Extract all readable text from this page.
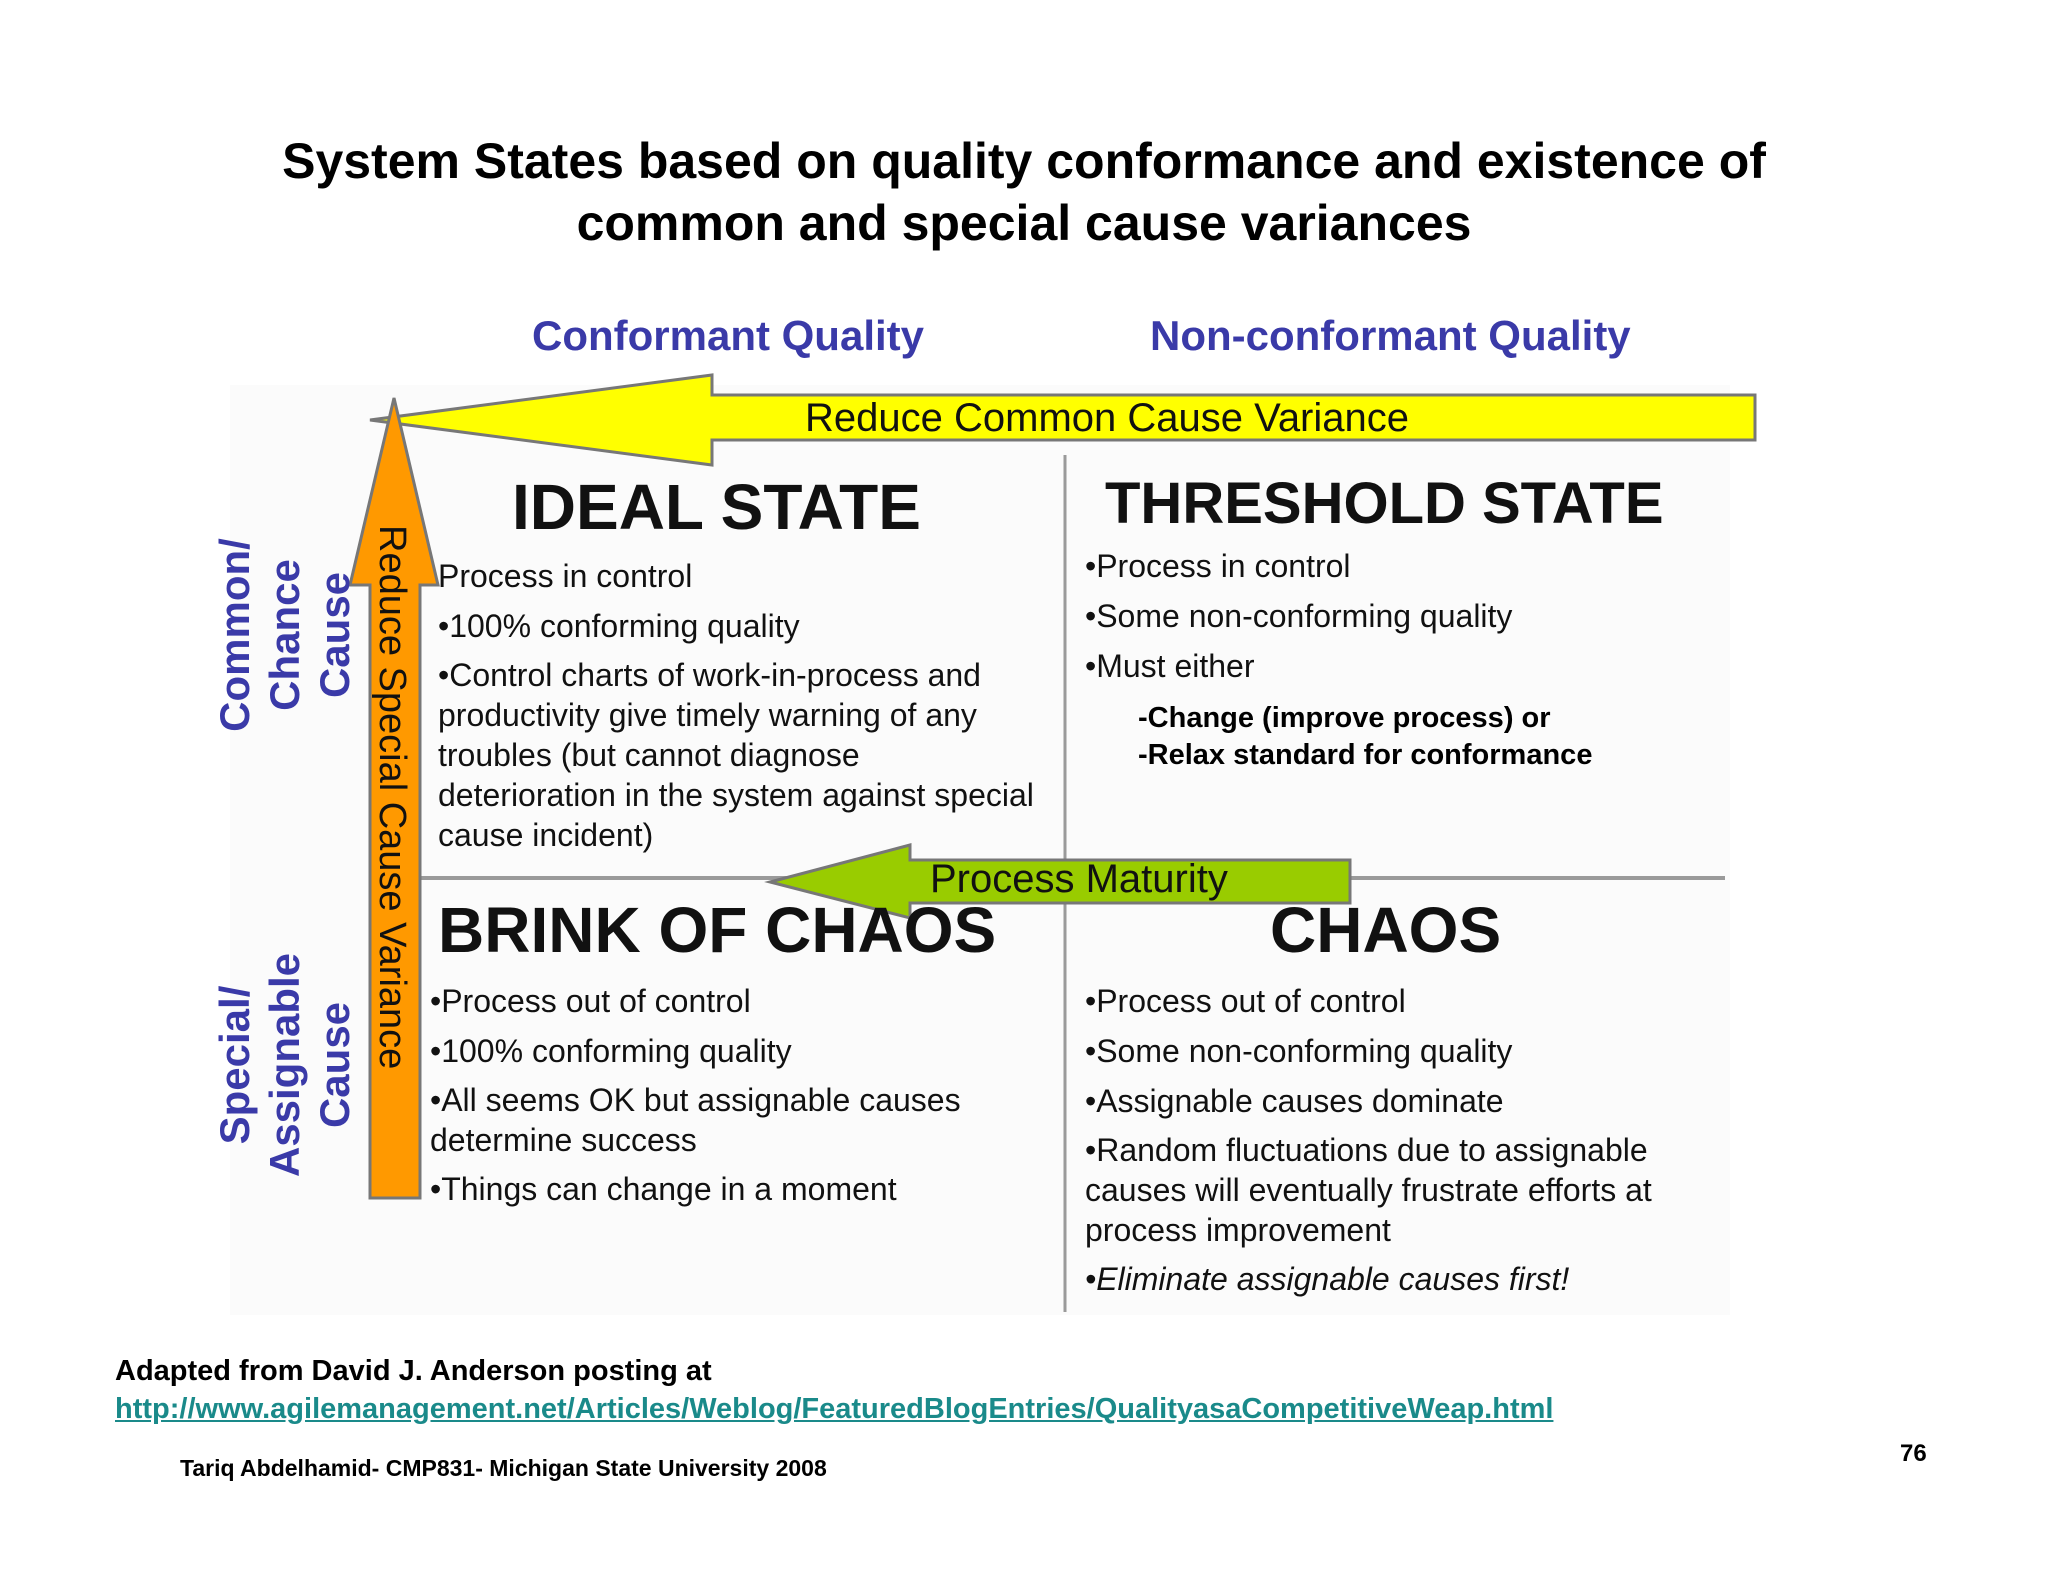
System States based on quality conformance and existence of
common and special cause variances
Conformant Quality	Non-conformant Quality
Common/ Chance Cause
Special/ Assignable Cause
Reduce Common Cause Variance
Reduce Special Cause Variance	Process Maturity
IDEAL STATE
Process in control
•100% conforming quality
•Control charts of work-in-process and productivity give timely warning of any troubles (but cannot diagnose deterioration in the system against special cause incident)
THRESHOLD STATE
•Process in control
•Some non-conforming quality
•Must either
-Change (improve process) or
-Relax standard for conformance
BRINK OF CHAOS
•Process out of control
•100% conforming quality
•All seems OK but assignable causes determine success
•Things can change in a moment
CHAOS
•Process out of control
•Some non-conforming quality
•Assignable causes dominate
•Random fluctuations due to assignable causes will eventually frustrate efforts at process improvement
•Eliminate assignable causes first!
Adapted from David J. Anderson posting at
http://www.agilemanagement.net/Articles/Weblog/FeaturedBlogEntries/QualityasaCompetitiveWeap.html
Tariq Abdelhamid- CMP831- Michigan State University 2008
76
